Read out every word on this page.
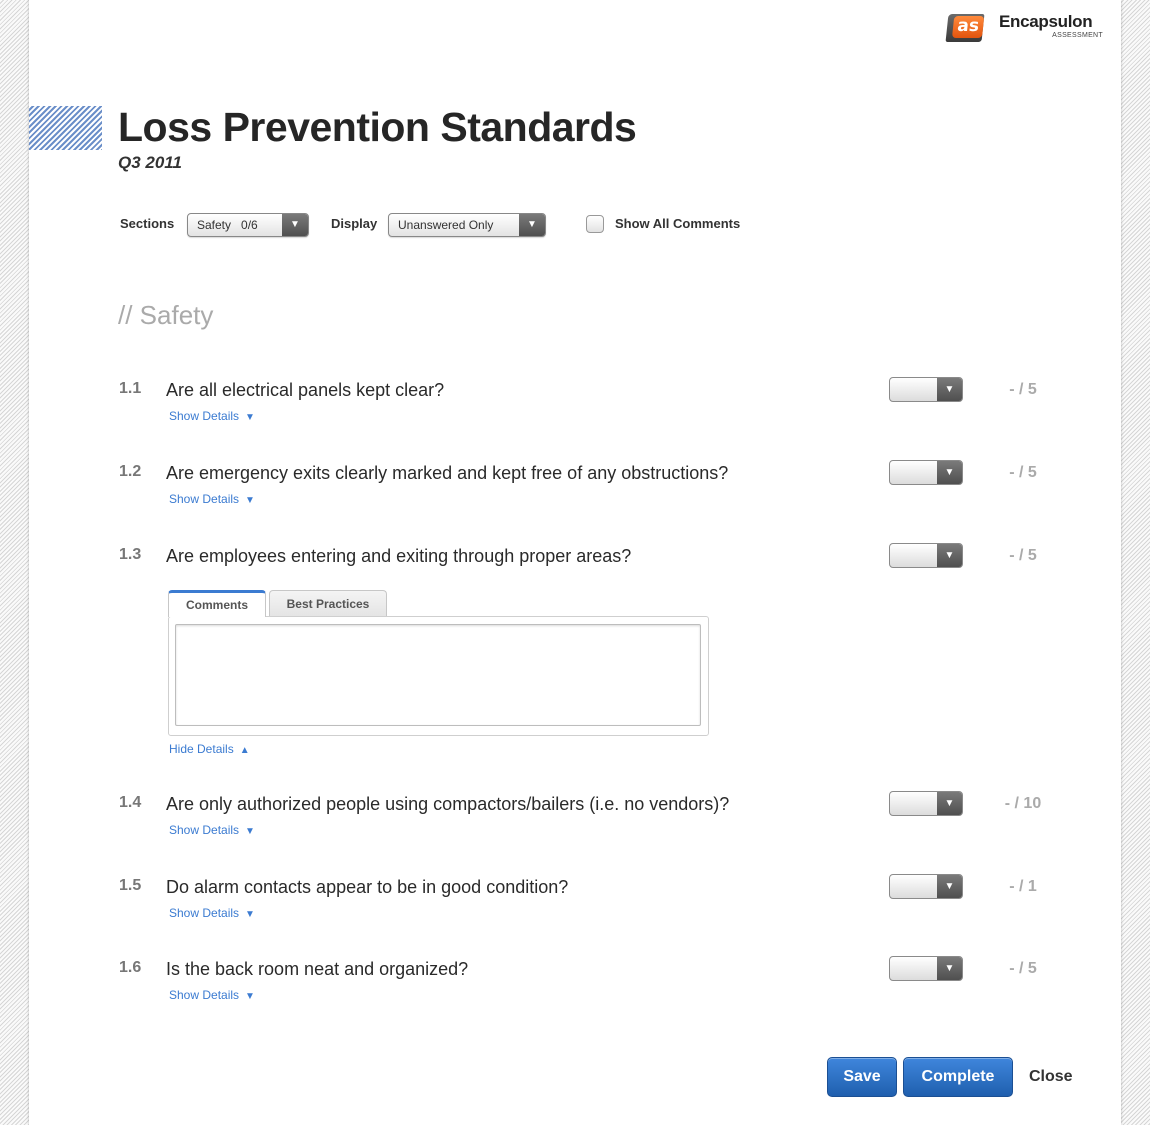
as Encapsulon
ASSESSMENT
Loss Prevention Standards
Q3 2011
Sections Safety 0/6	▼	Display Unanswered Only	▼	Show All Comments
// Safety
1.1 Are all electrical panels kept clear?
Show Details ▼
▼	- / 5
1.2 Are emergency exits clearly marked and kept free of any obstructions?
Show Details ▼
▼	- / 5
1.3 Are employees entering and exiting through proper areas?	▼	- / 5
Comments	Best Practices
Hide Details ▲
1.4 Are only authorized people using compactors/bailers (i.e. no vendors)?
Show Details ▼
▼	- / 10
1.5 Do alarm contacts appear to be in good condition?
Show Details ▼
▼	- / 1
1.6 Is the back room neat and organized?
Show Details ▼
▼	- / 5
Save	Complete	Close
